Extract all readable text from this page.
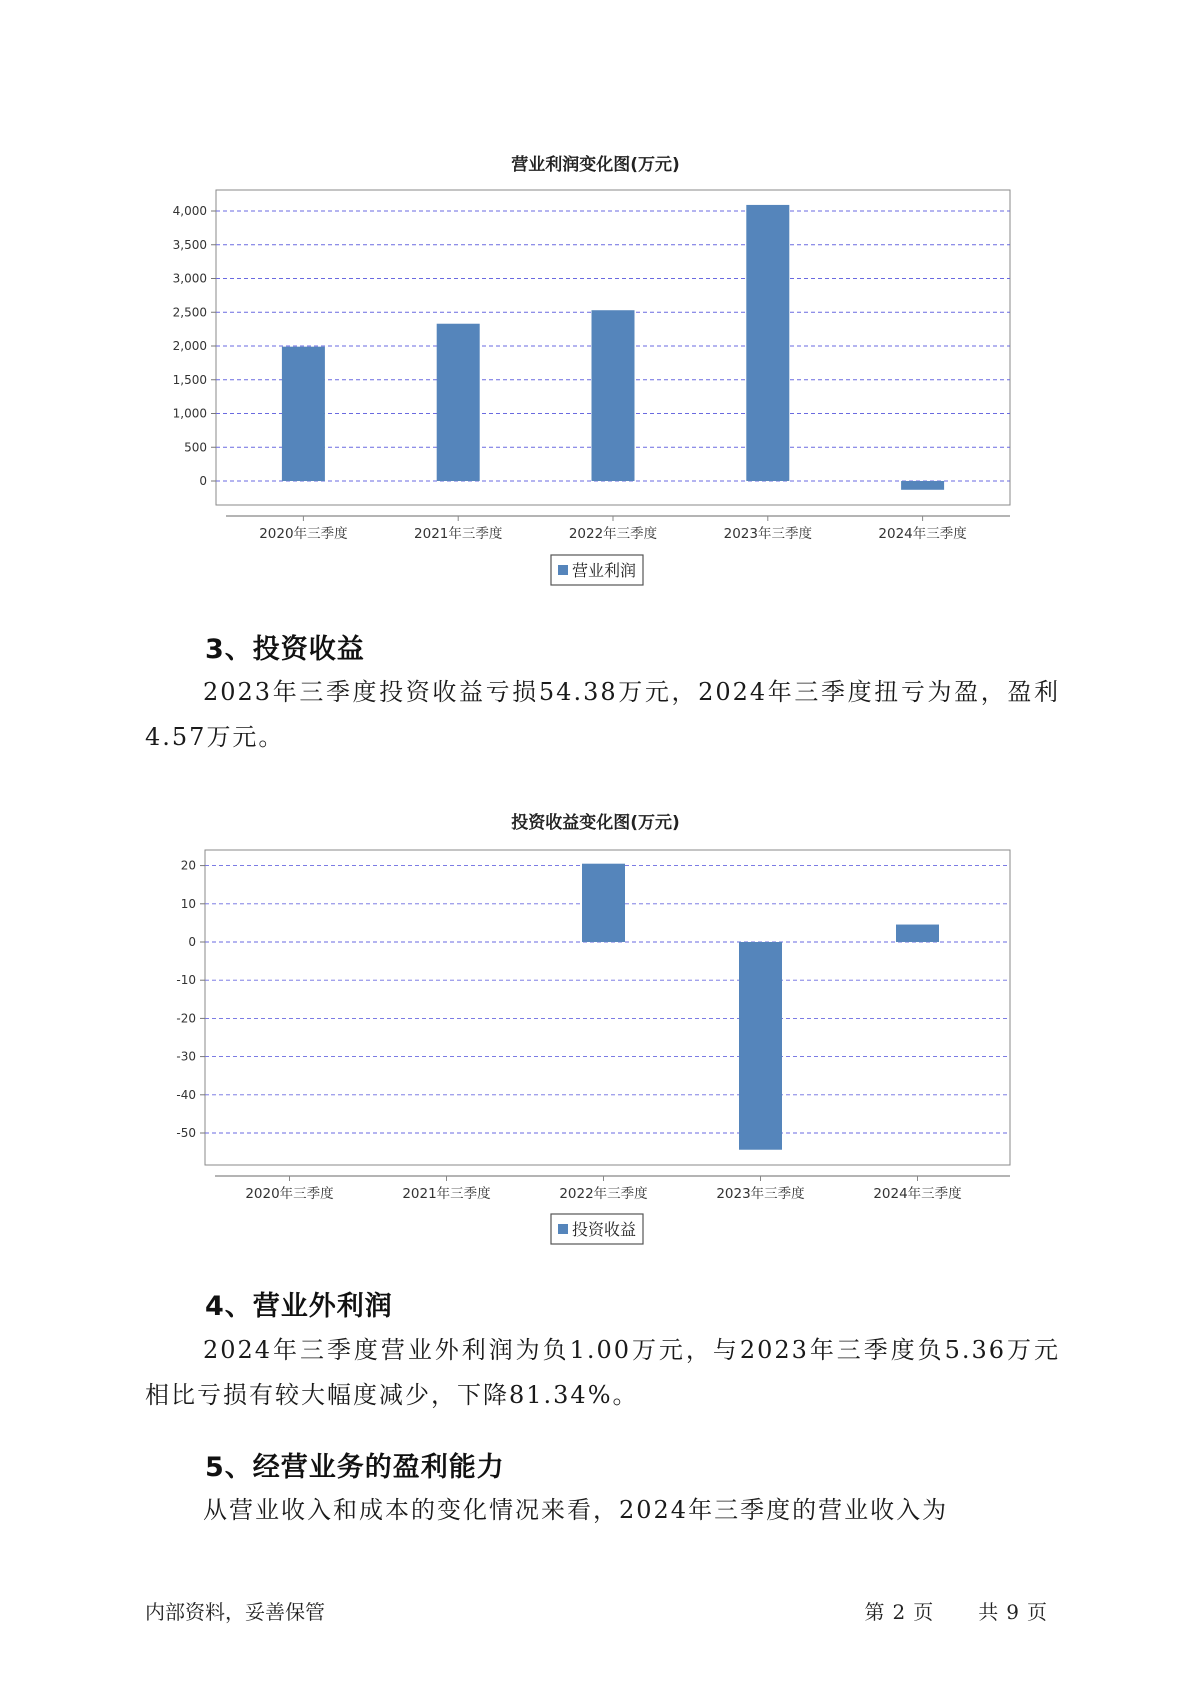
营业利润变化图(万元)
4,000
3,500
3,000
2,500
2,000
1,500
1,000
500
0
2020年三季度	2021年三季度	2022年三季度	2023年三季度	2024年三季度
营业利润
3、投资收益
2023年三季度投资收益亏损54.38万元，2024年三季度扭亏为盈，盈利4.57万元。
投资收益变化图(万元)
20
10
0
-10
-20
-30
-40
-50
2020年三季度	2021年三季度	2022年三季度	2023年三季度	2024年三季度
投资收益
4、营业外利润
2024年三季度营业外利润为负1.00万元，与2023年三季度负5.36万元相比亏损有较大幅度减少，下降81.34%。
5、经营业务的盈利能力
从营业收入和成本的变化情况来看，2024年三季度的营业收入为
内部资料，妥善保管	第 2 页 共 9 页
